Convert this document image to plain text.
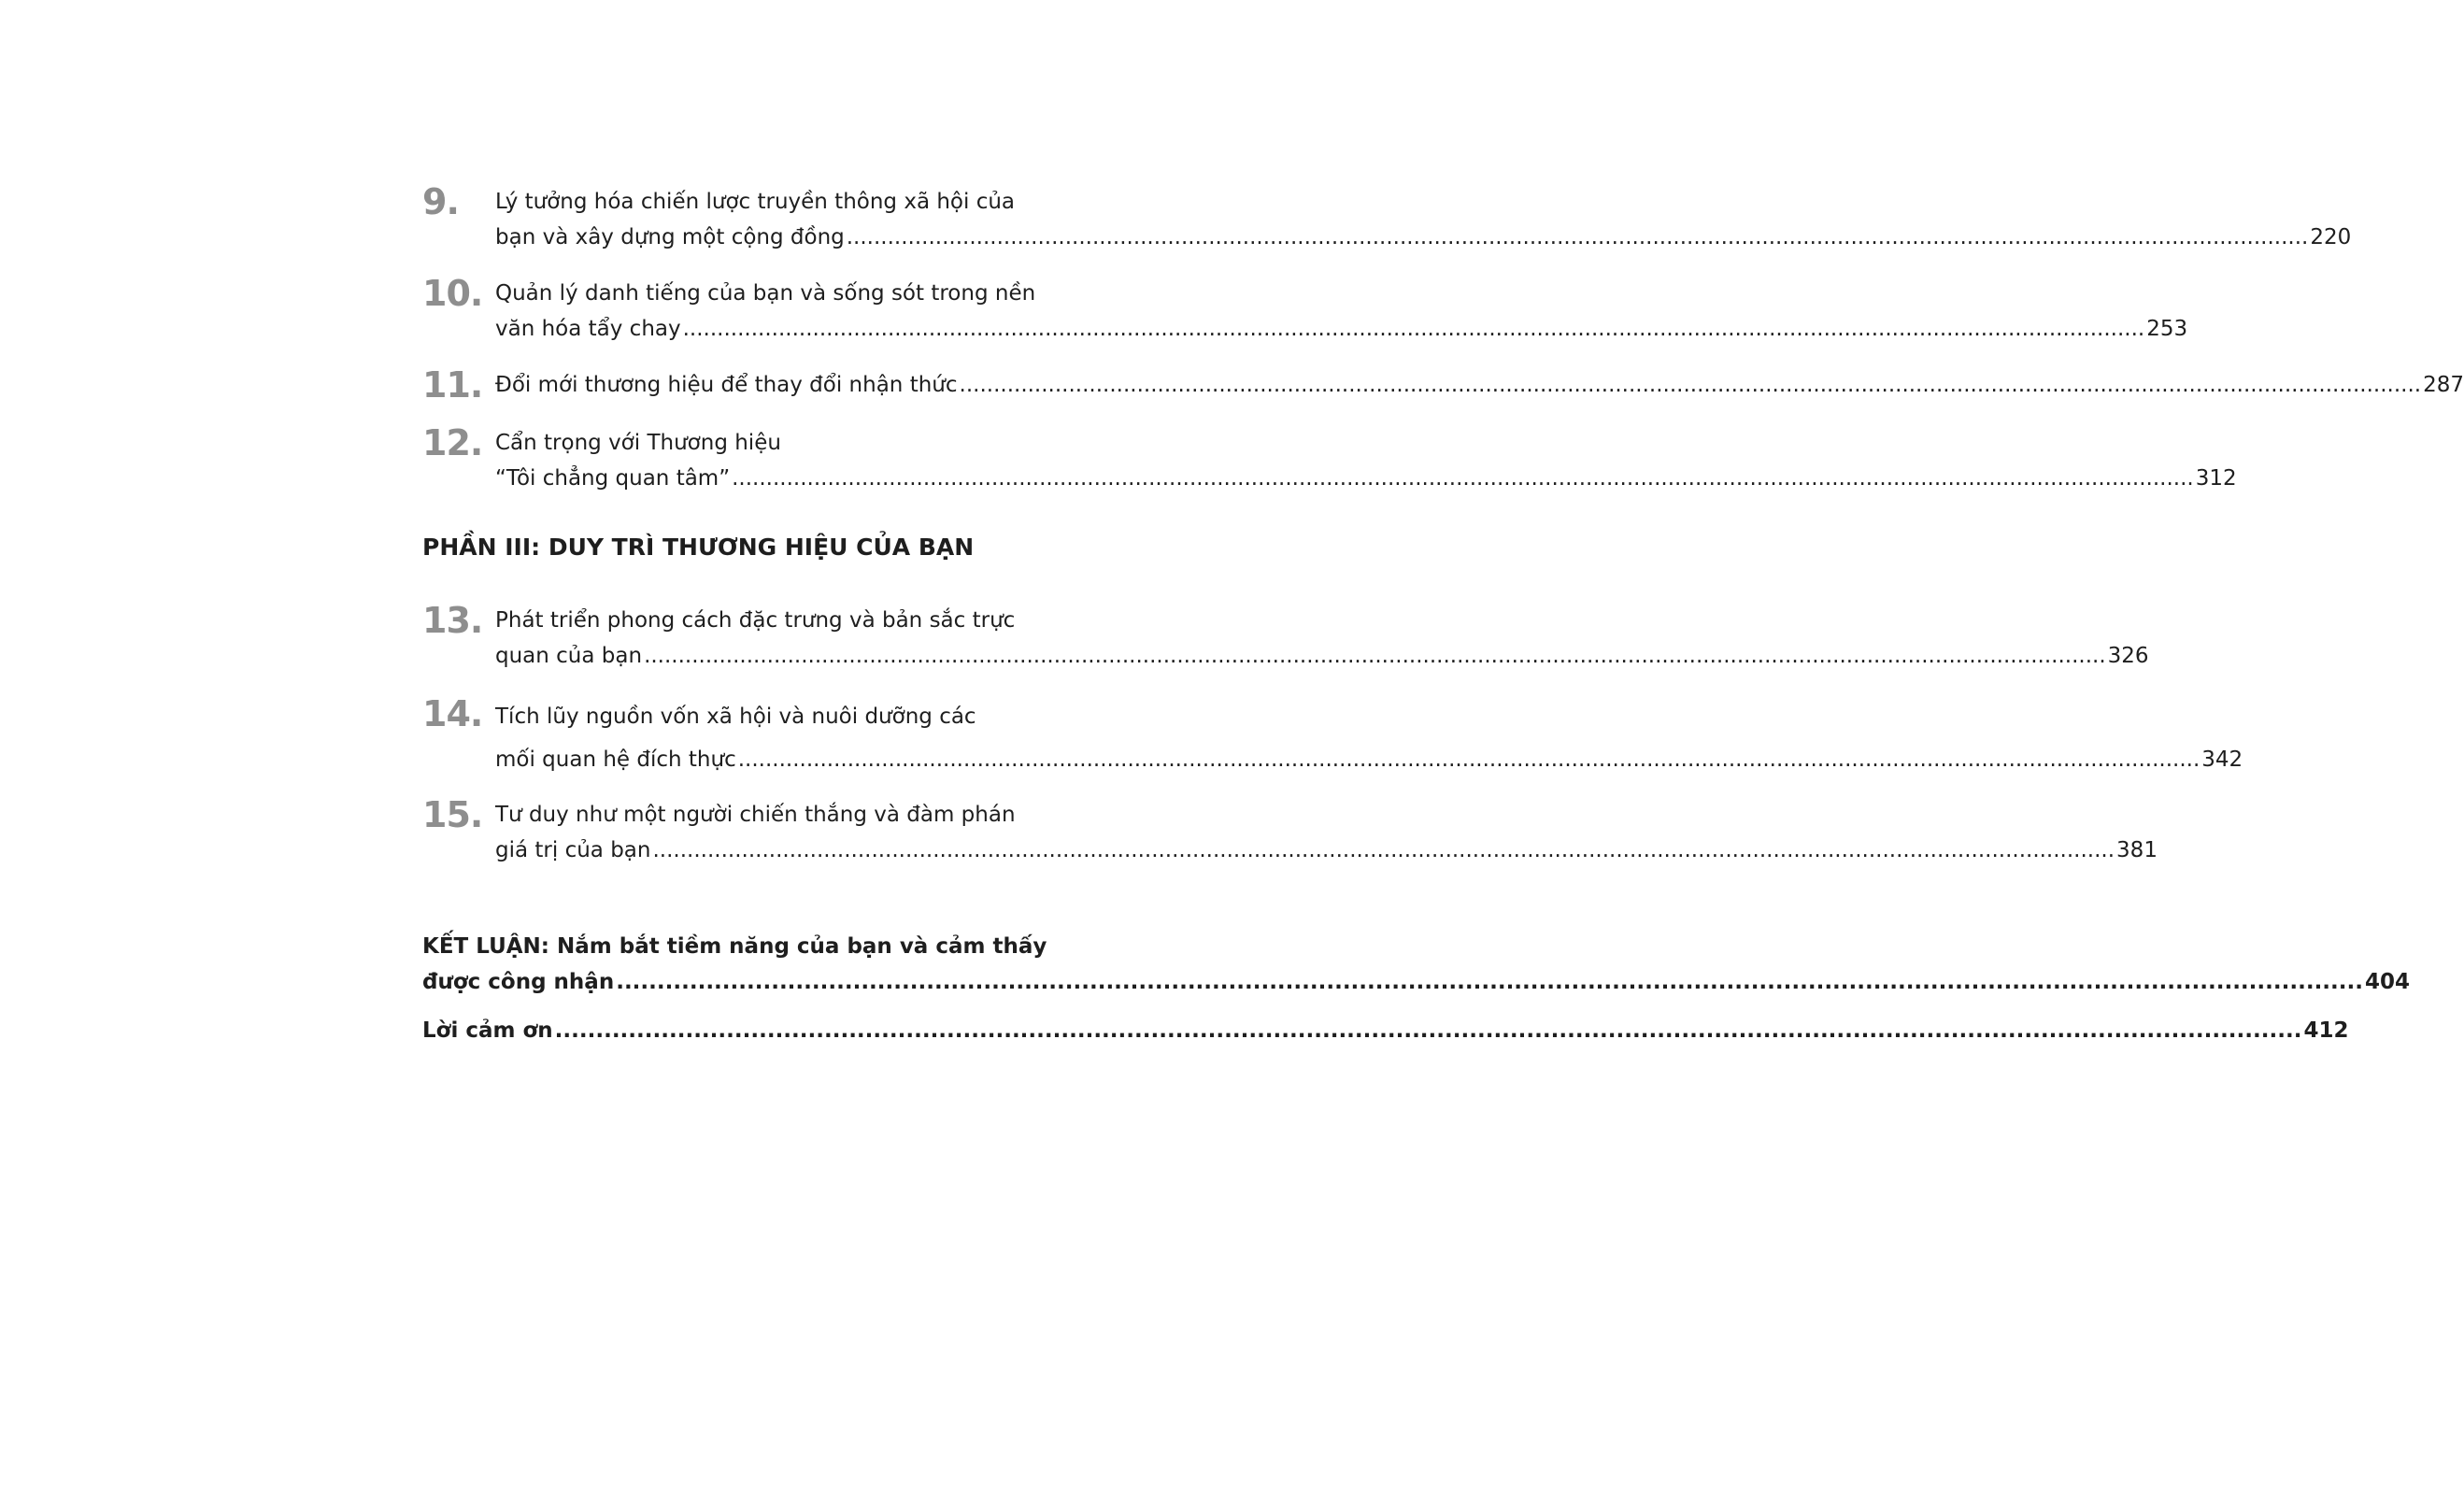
9.	Lý tưởng hóa chiến lược truyền thông xã hội của
bạn và xây dựng một cộng đồng .....	220
10. Quản lý danh tiếng của bạn và sống sót trong nền
văn hóa tẩy chay .....	253
11. Đổi mới thương hiệu để thay đổi nhận thức .....	287
12. Cẩn trọng với Thương hiệu
“Tôi chẳng quan tâm” .....	312
PHẦN III: DUY TRÌ THƯƠNG HIỆU CỦA BẠN
13. Phát triển phong cách đặc trưng và bản sắc trực
quan của bạn .....	326
14. Tích lũy nguồn vốn xã hội và nuôi dưỡng các
mối quan hệ đích thực .....	342
15. Tư duy như một người chiến thắng và đàm phán
giá trị của bạn .....	381
KẾT LUẬN: Nắm bắt tiềm năng của bạn và cảm thấy
được công nhận .....	404
Lời cảm ơn .....	412
